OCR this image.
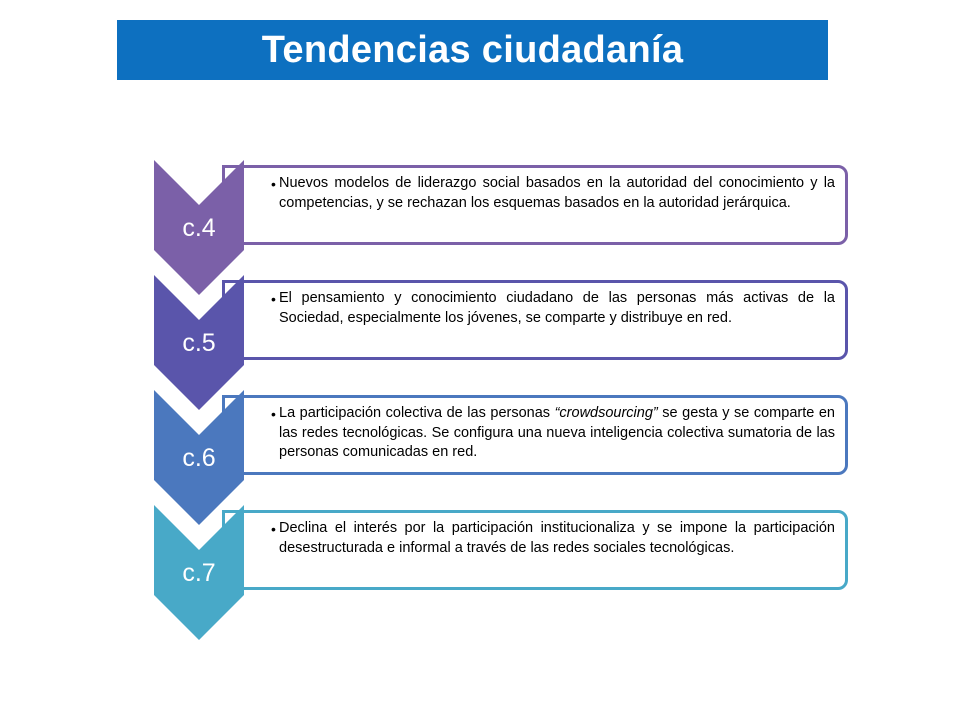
Tendencias ciudadanía
• Nuevos modelos de liderazgo social basados en la autoridad del conocimiento y la competencias, y se rechazan los esquemas basados en la autoridad jerárquica.
c.4
• El pensamiento y conocimiento ciudadano de las personas más activas de la Sociedad, especialmente los jóvenes, se comparte y distribuye en red.
c.5
• La participación colectiva de las personas “crowdsourcing” se gesta y se comparte en las redes tecnológicas. Se configura una nueva inteligencia colectiva sumatoria de las personas comunicadas en red.
c.6
• Declina el interés por la participación institucionaliza y se impone la participación desestructurada e informal a través de las redes sociales tecnológicas.
c.7
